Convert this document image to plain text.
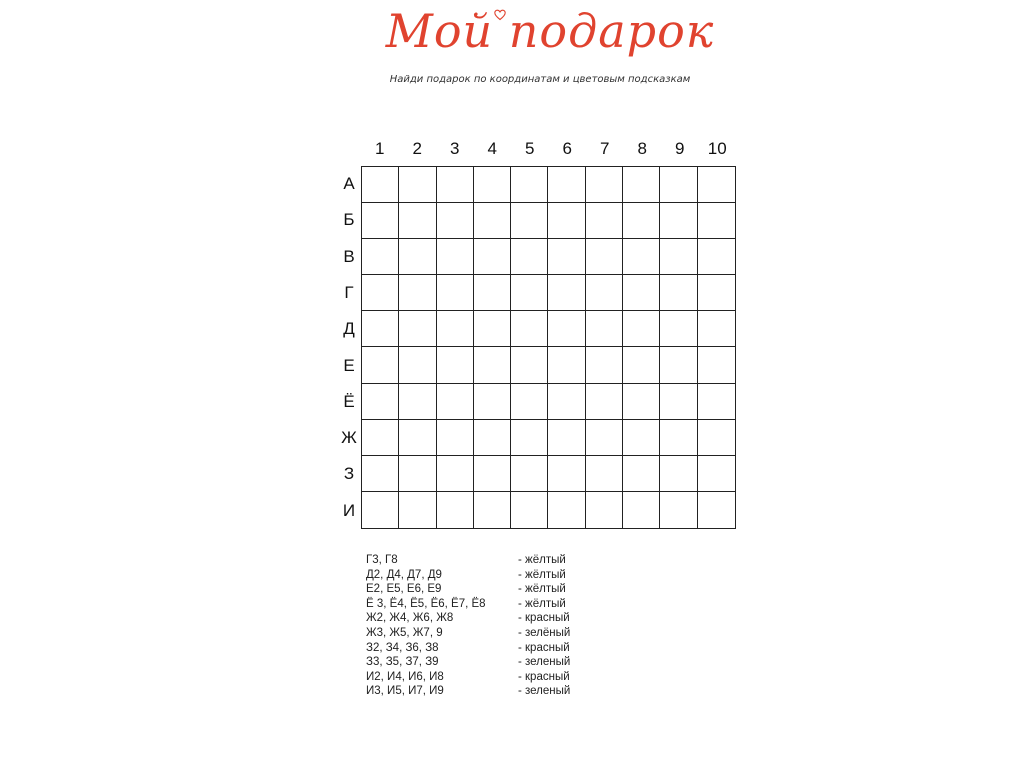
Мой подарок
Найди подарок по координатам и цветовым подсказкам
1	2	3	4	5	6	7	8	9	10
А
Б
В
Г
Д
Е
Ё
Ж
З
И
Г3, Г8	- жёлтый
Д2, Д4, Д7, Д9	- жёлтый
Е2, Е5, Е6, Е9	- жёлтый
Ё 3, Ё4, Ё5, Ё6, Ё7, Ё8	- жёлтый
Ж2, Ж4, Ж6, Ж8	- красный
Ж3, Ж5, Ж7, 9	- зелёный
З2, З4, З6, З8	- красный
З3, З5, З7, З9	- зеленый
И2, И4, И6, И8	- красный
И3, И5, И7, И9	- зеленый
